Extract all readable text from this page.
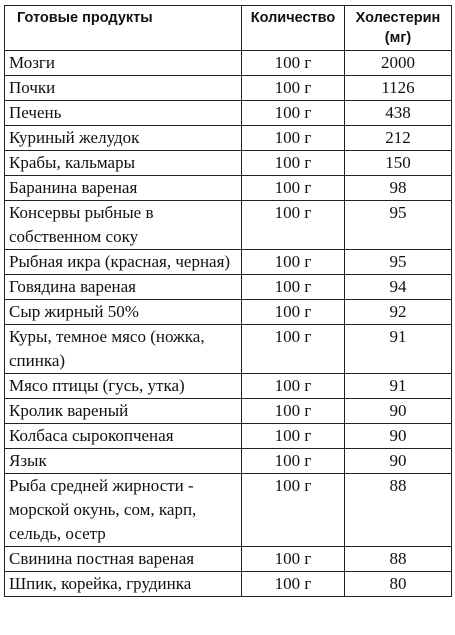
Готовые продукты	Количество	Холестерин (мг)
Мозги	100 г	2000
Почки	100 г	1126
Печень	100 г	438
Куриный желудок	100 г	212
Крабы, кальмары	100 г	150
Баранина вареная	100 г	98
Консервы рыбные в собственном соку	100 г	95
Рыбная икра (красная, черная)	100 г	95
Говядина вареная	100 г	94
Сыр жирный 50%	100 г	92
Куры, темное мясо (ножка, спинка)	100 г	91
Мясо птицы (гусь, утка)	100 г	91
Кролик вареный	100 г	90
Колбаса сырокопченая	100 г	90
Язык	100 г	90
Рыба средней жирности - морской окунь, сом, карп, сельдь, осетр	100 г	88
Свинина постная вареная	100 г	88
Шпик, корейка, грудинка	100 г	80
